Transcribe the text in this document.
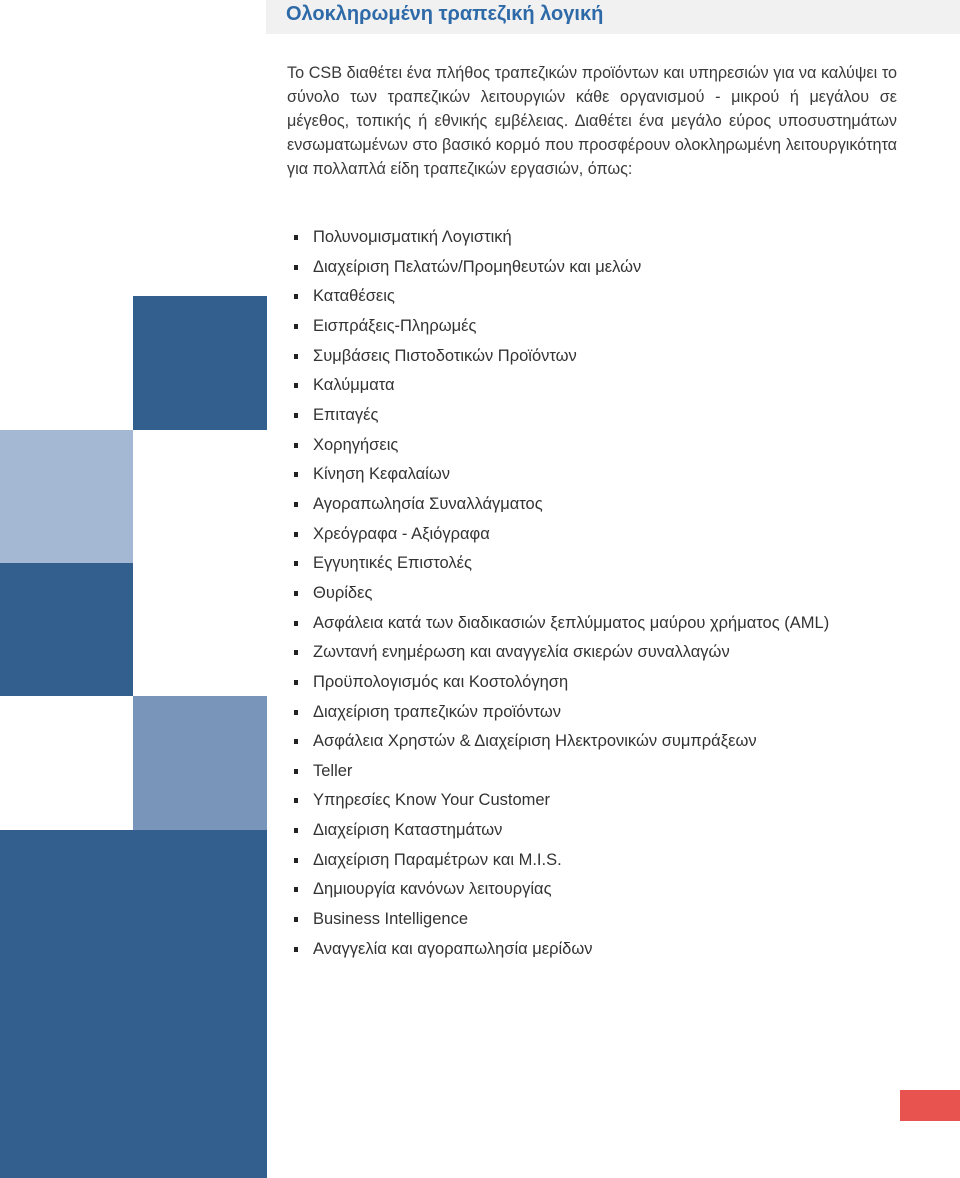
Ολοκληρωμένη τραπεζική λογική

Το CSB διαθέτει ένα πλήθος τραπεζικών προϊόντων και υπηρεσιών για να καλύψει το σύνολο των τραπεζικών λειτουργιών κάθε οργανισμού - μικρού ή μεγάλου σε μέγεθος, τοπικής ή εθνικής εμβέλειας. Διαθέτει ένα μεγάλο εύρος υποσυστημάτων ενσωματωμένων στο βασικό κορμό που προσφέρουν ολοκληρωμένη λειτουργικότητα για πολλαπλά είδη τραπεζικών εργασιών, όπως:

Πολυνομισματική Λογιστική
Διαχείριση Πελατών/Προμηθευτών και μελών
Καταθέσεις
Εισπράξεις-Πληρωμές
Συμβάσεις Πιστοδοτικών Προϊόντων
Καλύμματα
Επιταγές
Χορηγήσεις
Κίνηση Κεφαλαίων
Αγοραπωλησία Συναλλάγματος
Χρεόγραφα - Αξιόγραφα
Εγγυητικές Επιστολές
Θυρίδες
Ασφάλεια κατά των διαδικασιών ξεπλύμματος μαύρου χρήματος (AML)
Ζωντανή ενημέρωση και αναγγελία σκιερών συναλλαγών
Προϋπολογισμός και Κοστολόγηση
Διαχείριση τραπεζικών προϊόντων
Ασφάλεια Χρηστών & Διαχείριση Ηλεκτρονικών συμπράξεων
Teller
Υπηρεσίες Know Your Customer
Διαχείριση Καταστημάτων
Διαχείριση Παραμέτρων και M.I.S.
Δημιουργία κανόνων λειτουργίας
Business Intelligence
Αναγγελία και αγοραπωλησία μερίδων
